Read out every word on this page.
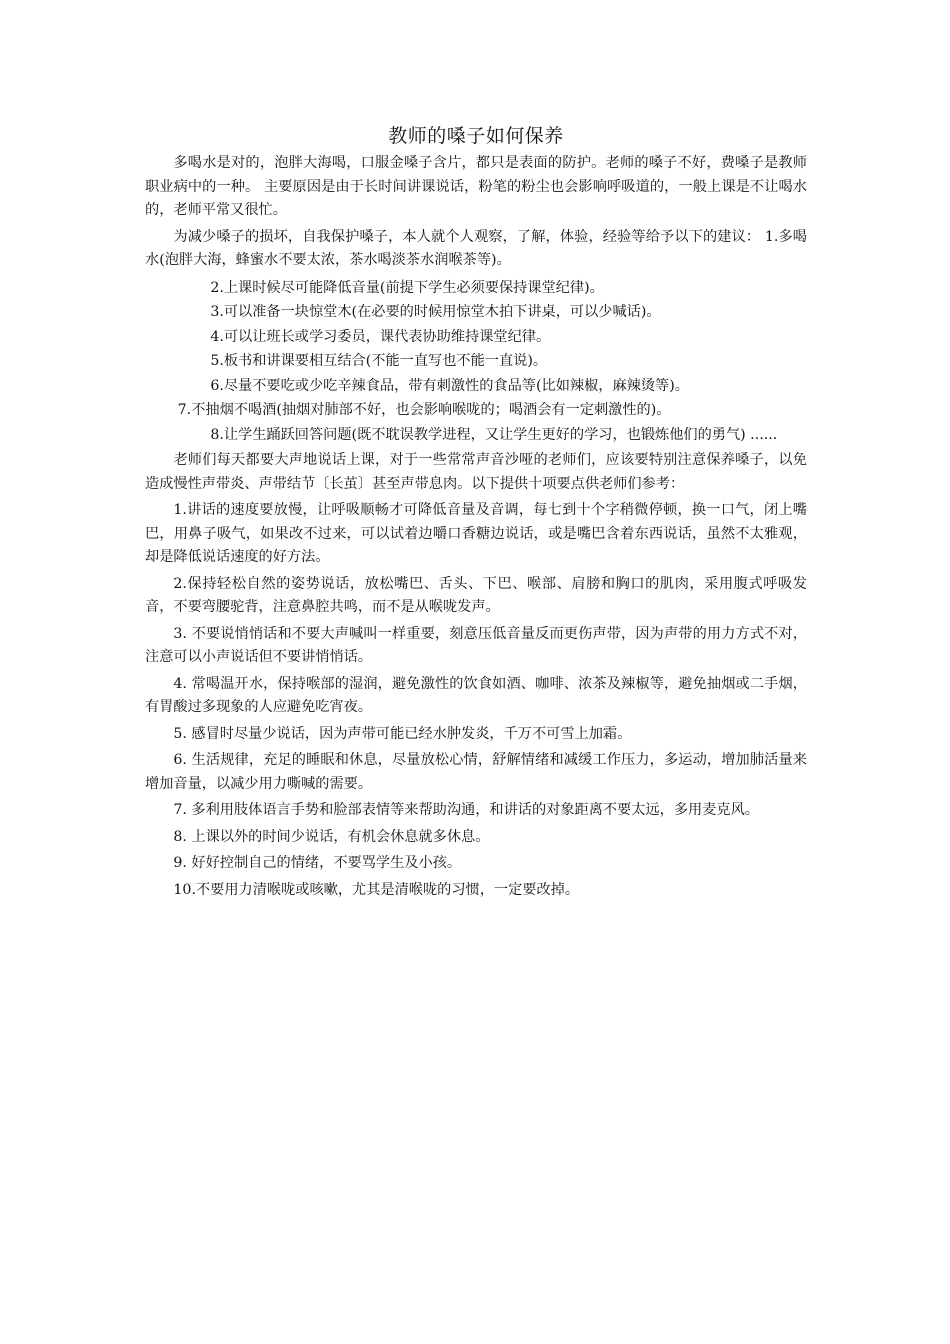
教师的嗓子如何保养

多喝水是对的，泡胖大海喝，口服金嗓子含片，都只是表面的防护。老师的嗓子不好，费嗓子是教师职业病中的一种。 主要原因是由于长时间讲课说话，粉笔的粉尘也会影响呼吸道的，一般上课是不让喝水的，老师平常又很忙。

为减少嗓子的损坏，自我保护嗓子，本人就个人观察，了解，体验，经验等给予以下的建议： 1.多喝水(泡胖大海，蜂蜜水不要太浓，茶水喝淡茶水润喉茶等)。

2.上课时候尽可能降低音量(前提下学生必须要保持课堂纪律)。

3.可以准备一块惊堂木(在必要的时候用惊堂木拍下讲桌，可以少喊话)。

4.可以让班长或学习委员，课代表协助维持课堂纪律。

5.板书和讲课要相互结合(不能一直写也不能一直说)。

6.尽量不要吃或少吃辛辣食品，带有刺激性的食品等(比如辣椒，麻辣烫等)。

7.不抽烟不喝酒(抽烟对肺部不好，也会影响喉咙的；喝酒会有一定刺激性的)。

8.让学生踊跃回答问题(既不耽误教学进程，又让学生更好的学习，也锻炼他们的勇气) ......

老师们每天都要大声地说话上课，对于一些常常声音沙哑的老师们，应该要特别注意保养嗓子，以免造成慢性声带炎、声带结节〔长茧〕甚至声带息肉。以下提供十项要点供老师们参考：

1.讲话的速度要放慢，让呼吸顺畅才可降低音量及音调，每七到十个字稍微停顿，换一口气，闭上嘴巴，用鼻子吸气，如果改不过来，可以试着边嚼口香糖边说话，或是嘴巴含着东西说话，虽然不太雅观，却是降低说话速度的好方法。

2.保持轻松自然的姿势说话，放松嘴巴、舌头、下巴、喉部、肩膀和胸口的肌肉，采用腹式呼吸发音，不要弯腰驼背，注意鼻腔共鸣，而不是从喉咙发声。

3. 不要说悄悄话和不要大声喊叫一样重要，刻意压低音量反而更伤声带，因为声带的用力方式不对，注意可以小声说话但不要讲悄悄话。

4. 常喝温开水，保持喉部的湿润，避免激性的饮食如酒、咖啡、浓茶及辣椒等，避免抽烟或二手烟，有胃酸过多现象的人应避免吃宵夜。

5. 感冒时尽量少说话，因为声带可能已经水肿发炎，千万不可雪上加霜。

6. 生活规律，充足的睡眠和休息，尽量放松心情，舒解情绪和减缓工作压力，多运动，增加肺活量来增加音量，以减少用力嘶喊的需要。

7. 多利用肢体语言手势和脸部表情等来帮助沟通，和讲话的对象距离不要太远，多用麦克风。

8. 上课以外的时间少说话，有机会休息就多休息。

9. 好好控制自己的情绪，不要骂学生及小孩。

10.不要用力清喉咙或咳嗽，尤其是清喉咙的习惯，一定要改掉。
